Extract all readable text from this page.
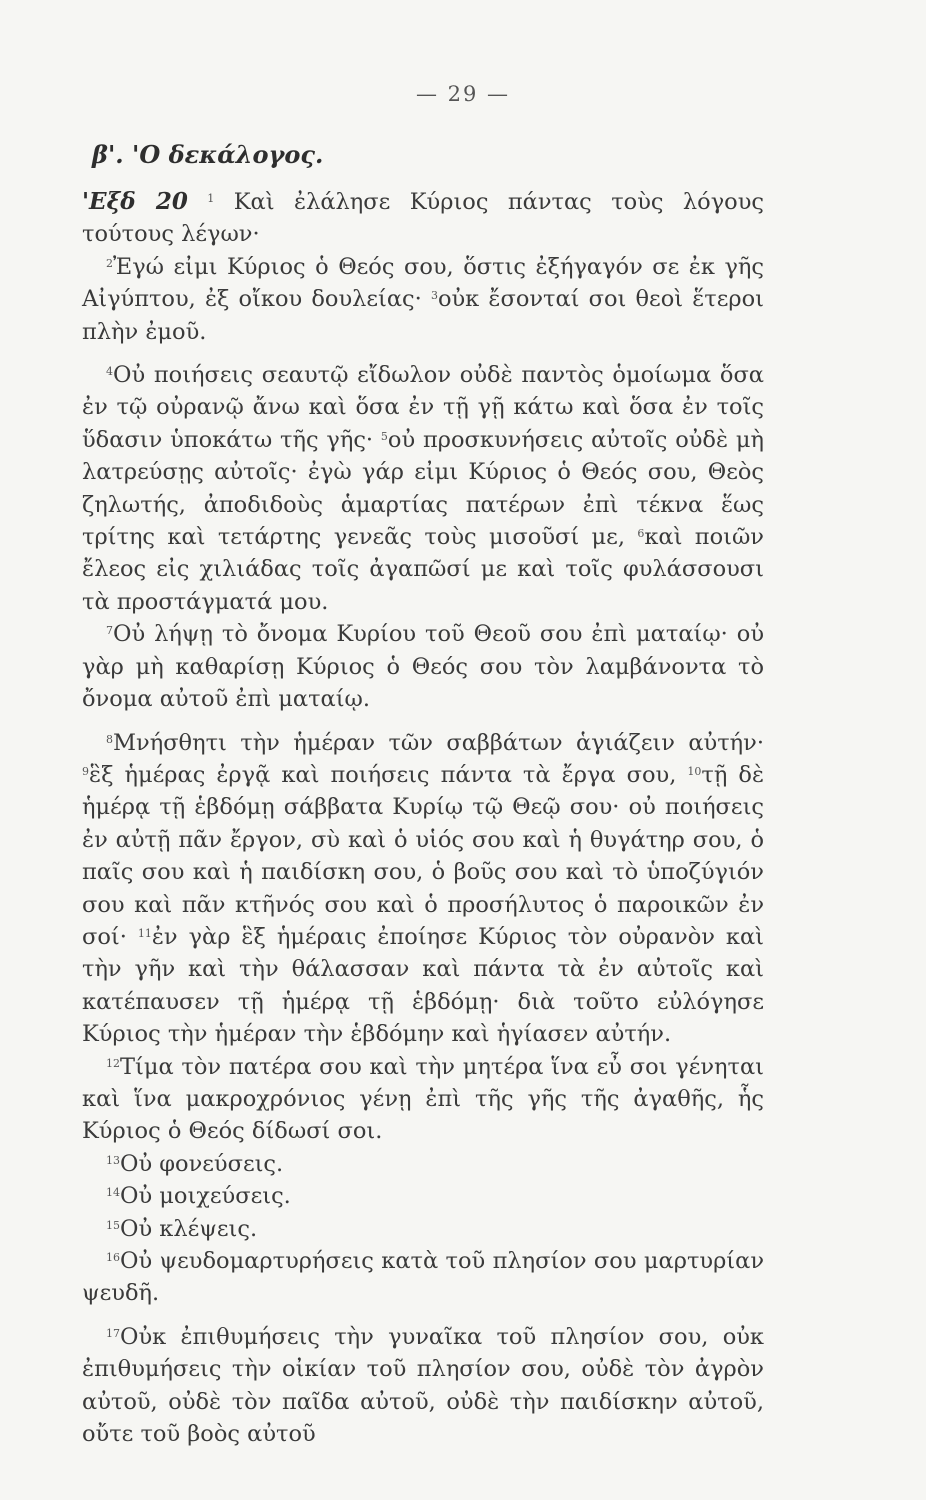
— 29 —
β'. 'Ο δεκάλογος.

'Εξδ 20 $^1$ Καὶ ἐλάλησε Κύριος πάντας τοὺς λόγους τούτους λέγων·

$^2$Ἐγώ εἰμι Κύριος ὁ Θεός σου, ὅστις ἐξήγαγόν σε ἐκ γῆς Αἰγύπτου, ἐξ οἴκου δουλείας· $^3$οὐκ ἔσονταί σοι θεοὶ ἕτεροι πλὴν ἐμοῦ.

$^4$Οὐ ποιήσεις σεαυτῷ εἴδωλον οὐδὲ παντὸς ὁμοίωμα ὅσα ἐν τῷ οὐρανῷ ἄνω καὶ ὅσα ἐν τῇ γῇ κάτω καὶ ὅσα ἐν τοῖς ὕδασιν ὑποκάτω τῆς γῆς· $^5$οὐ προσκυνήσεις αὐτοῖς οὐδὲ μὴ λατρεύσῃς αὐτοῖς· ἐγὼ γάρ εἰμι Κύριος ὁ Θεός σου, Θεὸς ζηλωτής, ἀποδιδοὺς ἁμαρτίας πατέρων ἐπὶ τέκνα ἕως τρίτης καὶ τετάρτης γενεᾶς τοὺς μισοῦσί με, $^6$καὶ ποιῶν ἔλεος εἰς χιλιάδας τοῖς ἀγαπῶσί με καὶ τοῖς φυλάσσουσι τὰ προστάγματά μου.

$^7$Οὐ λήψῃ τὸ ὄνομα Κυρίου τοῦ Θεοῦ σου ἐπὶ ματαίῳ· οὐ γὰρ μὴ καθαρίσῃ Κύριος ὁ Θεός σου τὸν λαμβάνοντα τὸ ὄνομα αὐτοῦ ἐπὶ ματαίῳ.

$^8$Μνήσθητι τὴν ἡμέραν τῶν σαββάτων ἁγιάζειν αὐτήν· $^9$ἓξ ἡμέρας ἐργᾷ καὶ ποιήσεις πάντα τὰ ἔργα σου, $^{10}$τῇ δὲ ἡμέρᾳ τῇ ἑβδόμῃ σάββατα Κυρίῳ τῷ Θεῷ σου· οὐ ποιήσεις ἐν αὐτῇ πᾶν ἔργον, σὺ καὶ ὁ υἱός σου καὶ ἡ θυγάτηρ σου, ὁ παῖς σου καὶ ἡ παιδίσκη σου, ὁ βοῦς σου καὶ τὸ ὑποζύγιόν σου καὶ πᾶν κτῆνός σου καὶ ὁ προσήλυτος ὁ παροικῶν ἐν σοί· $^{11}$ἐν γὰρ ἓξ ἡμέραις ἐποίησε Κύριος τὸν οὐρανὸν καὶ τὴν γῆν καὶ τὴν θάλασσαν καὶ πάντα τὰ ἐν αὐτοῖς καὶ κατέπαυσεν τῇ ἡμέρᾳ τῇ ἑβδόμῃ· διὰ τοῦτο εὐλόγησε Κύριος τὴν ἡμέραν τὴν ἑβδόμην καὶ ἡγίασεν αὐτήν.

$^{12}$Τίμα τὸν πατέρα σου καὶ τὴν μητέρα ἵνα εὖ σοι γένηται καὶ ἵνα μακροχρόνιος γένῃ ἐπὶ τῆς γῆς τῆς ἀγαθῆς, ἧς Κύριος ὁ Θεός δίδωσί σοι.

$^{13}$Οὐ φονεύσεις.

$^{14}$Οὐ μοιχεύσεις.

$^{15}$Οὐ κλέψεις.

$^{16}$Οὐ ψευδομαρτυρήσεις κατὰ τοῦ πλησίον σου μαρτυρίαν ψευδῆ.

$^{17}$Οὐκ ἐπιθυμήσεις τὴν γυναῖκα τοῦ πλησίον σου, οὐκ ἐπιθυμήσεις τὴν οἰκίαν τοῦ πλησίον σου, οὐδὲ τὸν ἀγρὸν αὐτοῦ, οὐδὲ τὸν παῖδα αὐτοῦ, οὐδὲ τὴν παιδίσκην αὐτοῦ, οὔτε τοῦ βοὸς αὐτοῦ
